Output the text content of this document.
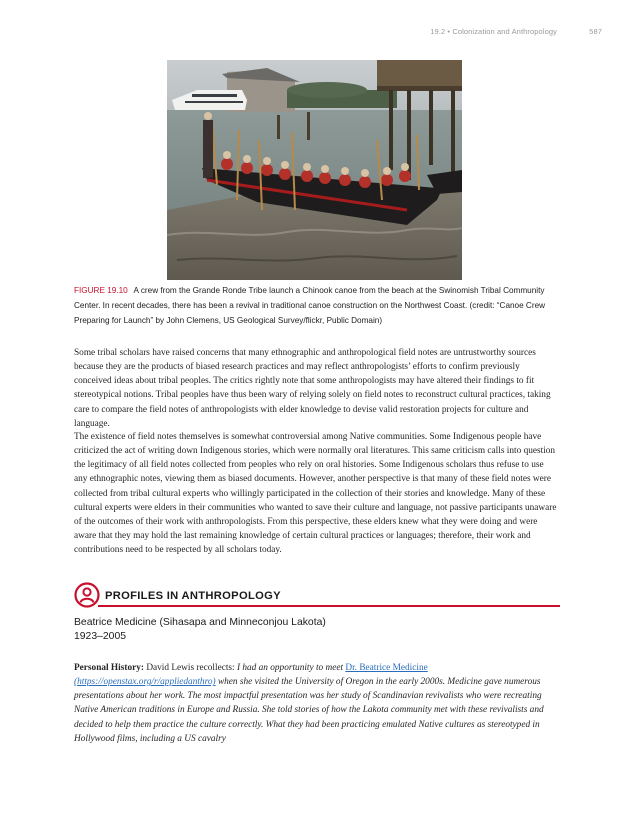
19.2 • Colonization and Anthropology	587
FIGURE 19.10 A crew from the Grande Ronde Tribe launch a Chinook canoe from the beach at the Swinomish Tribal Community Center. In recent decades, there has been a revival in traditional canoe construction on the Northwest Coast. (credit: “Canoe Crew Preparing for Launch” by John Clemens, US Geological Survey/flickr, Public Domain)

Some tribal scholars have raised concerns that many ethnographic and anthropological field notes are untrustworthy sources because they are the products of biased research practices and may reflect anthropologists’ efforts to confirm previously conceived ideas about tribal peoples. The critics rightly note that some anthropologists may have altered their findings to fit stereotypical notions. Tribal peoples have thus been wary of relying solely on field notes to reconstruct cultural practices, taking care to compare the field notes of anthropologists with elder knowledge to devise valid restoration projects for culture and language.

The existence of field notes themselves is somewhat controversial among Native communities. Some Indigenous people have criticized the act of writing down Indigenous stories, which were normally oral literatures. This same criticism calls into question the legitimacy of all field notes collected from peoples who rely on oral histories. Some Indigenous scholars thus refuse to use any ethnographic notes, viewing them as biased documents. However, another perspective is that many of these field notes were collected from tribal cultural experts who willingly participated in the collection of their stories and knowledge. Many of these cultural experts were elders in their communities who wanted to save their culture and language, not passive participants unaware of the outcomes of their work with anthropologists. From this perspective, these elders knew what they were doing and were aware that they may hold the last remaining knowledge of certain cultural practices or languages; therefore, their work and contributions need to be respected by all scholars today.

PROFILES IN ANTHROPOLOGY
Beatrice Medicine (Sihasapa and Minneconjou Lakota)
1923–2005

Personal History: David Lewis recollects: I had an opportunity to meet Dr. Beatrice Medicine (https://openstax.org/r/appliedanthro) when she visited the University of Oregon in the early 2000s. Medicine gave numerous presentations about her work. The most impactful presentation was her study of Scandinavian revivalists who were recreating Native American traditions in Europe and Russia. She told stories of how the Lakota community met with these revivalists and decided to help them practice the culture correctly. What they had been practicing emulated Native cultures as stereotyped in Hollywood films, including a US cavalry
